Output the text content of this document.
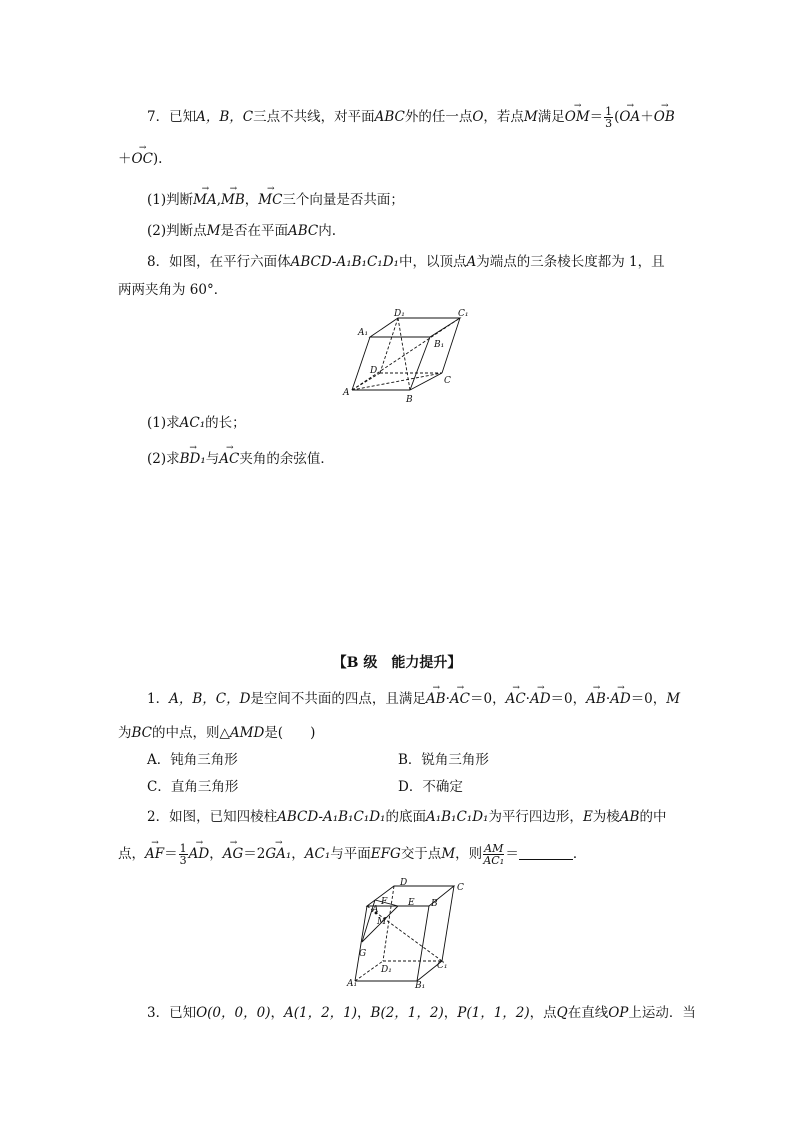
7．已知A，B，C三点不共线，对平面ABC外的任一点O，若点M满足→ $OM= \frac{1}{3}$ (→ OA＋→ OB
＋→ OC).
(1)判断→ MA,→ MB，→ MC三个向量是否共面；
(2)判断点M是否在平面ABC内.
8．如图，在平行六面体ABCD-A₁B₁C₁D₁中，以顶点A为端点的三条棱长度都为 1，且
两两夹角为 60°．
A₁
D₁	C₁
B₁
D
C
A
B
(1)求AC₁的长；
(2)求→ BD₁与→ AC夹角的余弦值．
【B 级　能力提升】
1．A，B，C，D是空间不共面的四点，且满足→ AB·→ AC＝0，→ AC·→ AD＝0，→ AB·→ AD＝0，M
为BC的中点，则△AMD是(　　)
A．钝角三角形	B．锐角三角形
C．直角三角形	D．不确定
2．如图，已知四棱柱ABCD-A₁B₁C₁D₁的底面A₁B₁C₁D₁为平行四边形，E为棱AB的中
点，→ $AF= \frac{1}{3}$
→ AD，→ AG＝2→ GA₁，AC₁与平面EFG交于点M，则 $\frac{AM}{\text{AC₁}}$ ＝	．
D	C
F E B
A
M
G
D₁	C₁
A₁	B₁
3．已知O(0，0，0)，A(1，2，1)，B(2，1，2)，P(1，1，2)，点Q在直线OP上运动．当
